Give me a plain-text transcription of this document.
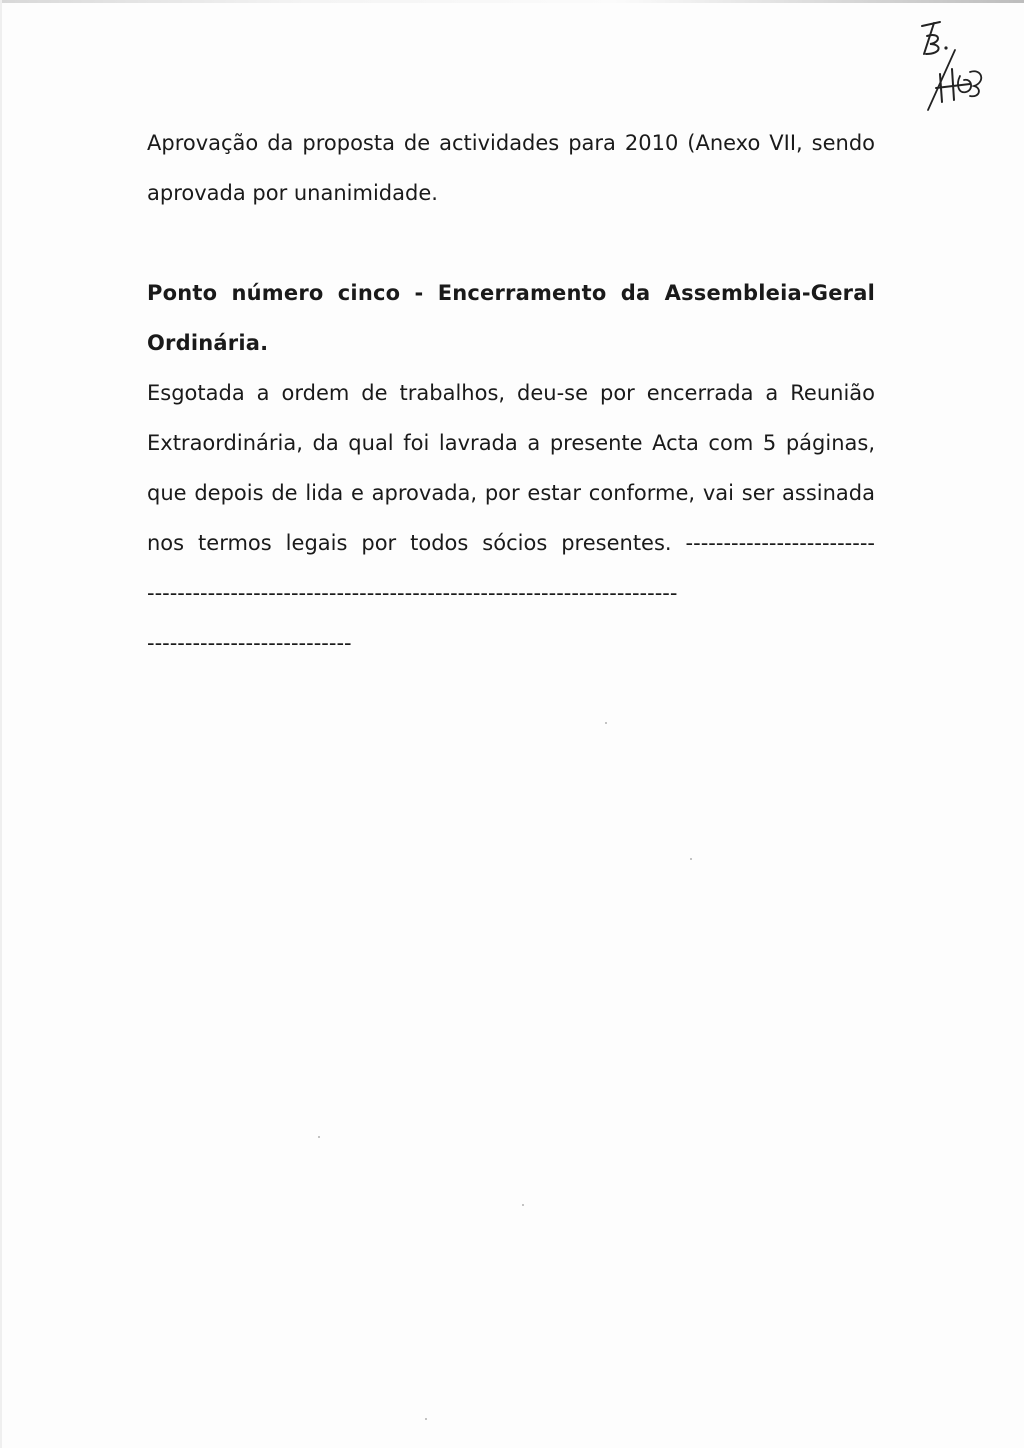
Aprovação da proposta de actividades para 2010 (Anexo VII, sendo
aprovada por unanimidade.
Ponto número cinco - Encerramento da Assembleia-Geral
Ordinária.
Esgotada a ordem de trabalhos, deu-se por encerrada a Reunião
Extraordinária, da qual foi lavrada a presente Acta com 5 páginas,
que depois de lida e aprovada, por estar conforme, vai ser assinada
nos termos legais por todos sócios presentes. -------------------------
----------------------------------------------------------------------
---------------------------
